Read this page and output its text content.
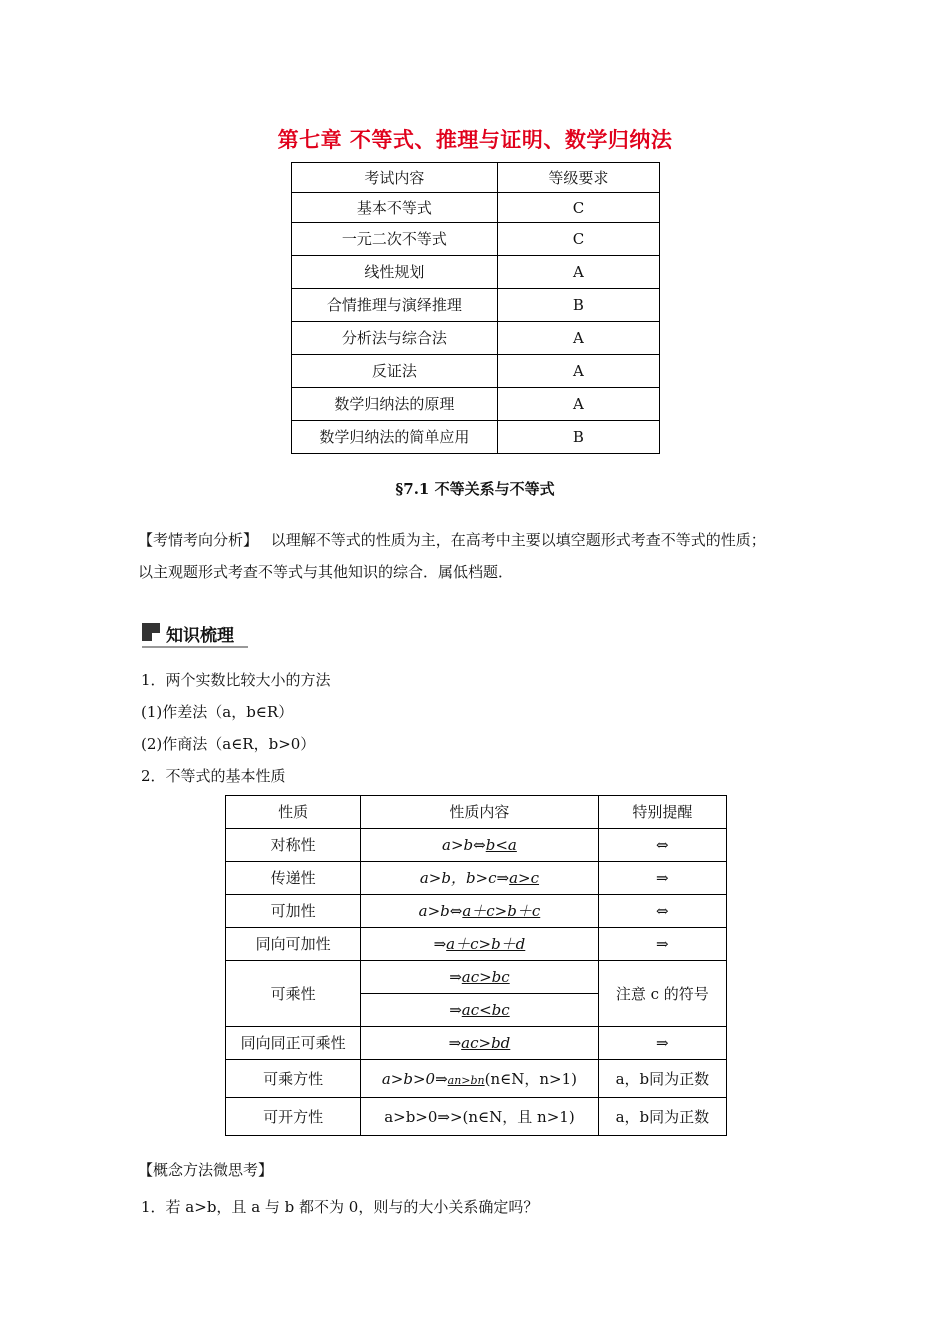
第七章 不等式、推理与证明、数学归纳法
考试内容	等级要求
基本不等式	C
一元二次不等式	C
线性规划	A
合情推理与演绎推理	B
分析法与综合法	A
反证法	A
数学归纳法的原理	A
数学归纳法的简单应用	B
§7.1 不等关系与不等式
【考情考向分析】 以理解不等式的性质为主，在高考中主要以填空题形式考查不等式的性质；
以主观题形式考查不等式与其他知识的综合．属低档题．
知识梳理
1．两个实数比较大小的方法
(1)作差法（a，b∈R）
(2)作商法（a∈R，b>0）
2．不等式的基本性质
性质	性质内容	特别提醒
对称性	a>b⇔b<a	⇔
传递性	a>b，b>c⇒a>c	⇒
可加性	a>b⇔a＋c>b＋c	⇔
同向可加性	⇒a＋c>b＋d	⇒
可乘性	⇒ac>bc	注意 c 的符号
	⇒ac<bc	
同向同正可乘性	⇒ac>bd	⇒
可乘方性	a>b>0⇒an>bn(n∈N，n>1)	a，b同为正数
可开方性	a>b>0⇒>(n∈N，且 n>1)	a，b同为正数
【概念方法微思考】
1．若 a>b，且 a 与 b 都不为 0，则与的大小关系确定吗？
